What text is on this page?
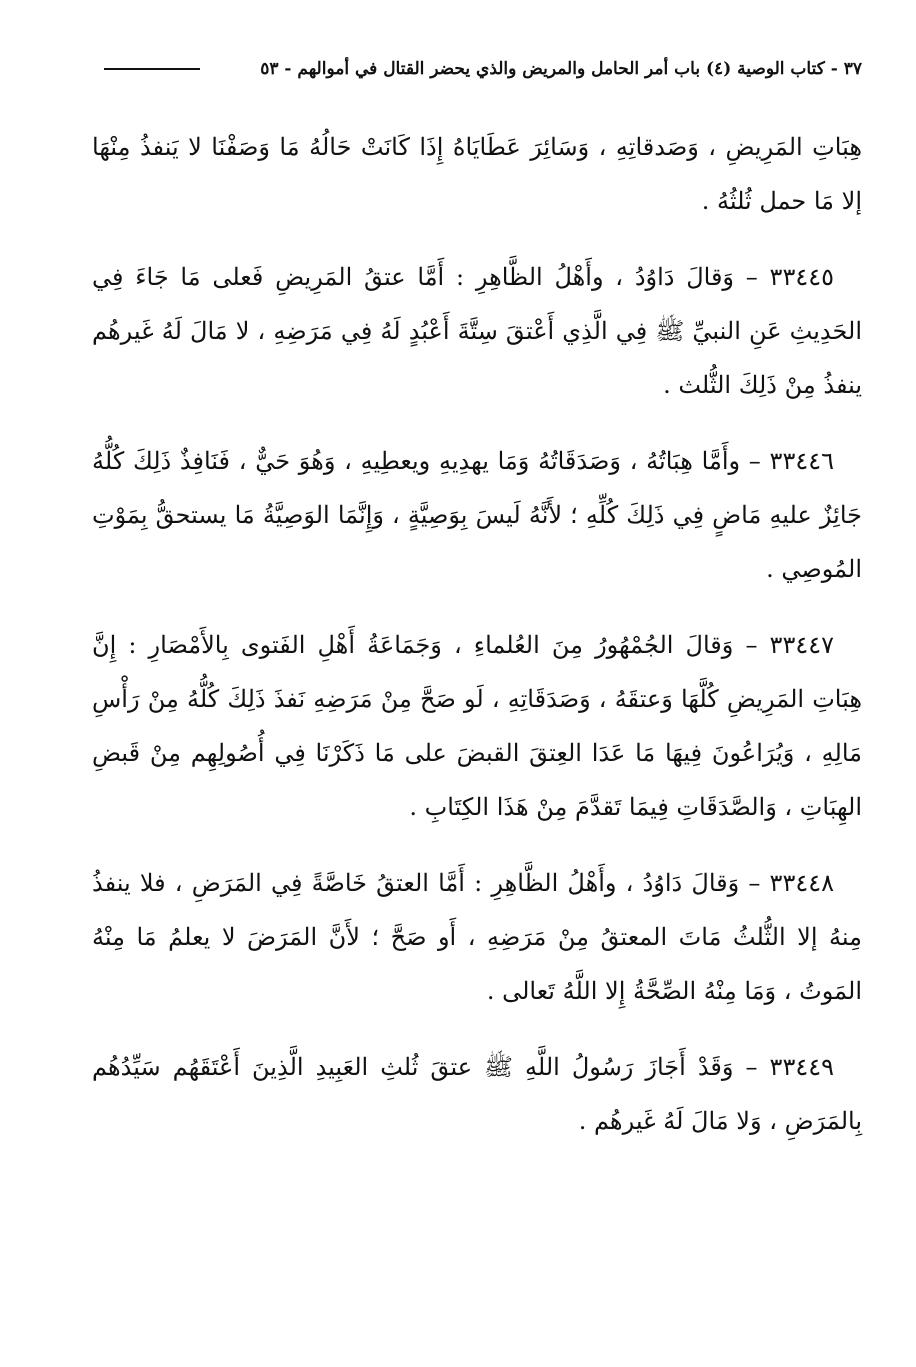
٣٧ - كتاب الوصية (٤) باب أمر الحامل والمريض والذي يحضر القتال في أموالهم - ٥٣

هِبَاتِ المَرِيضِ ، وَصَدقاتِهِ ، وَسَائِرَ عَطَايَاهُ إِذَا كَانَتْ حَالُهُ مَا وَصَفْنَا لا يَنفذُ مِنْهَا إلا مَا حمل ثُلثُهُ .

٣٣٤٤٥ – وَقالَ دَاوُدُ ، وأَهْلُ الظَّاهِرِ : أَمَّا عتقُ المَرِيضِ فَعلى مَا جَاءَ فِي الحَدِيثِ عَنِ النبيِّ ﷺ فِي الَّذِي أَعْتقَ سِتَّةَ أَعْبُدٍ لَهُ فِي مَرَضِهِ ، لا مَالَ لَهُ غَيرهُم ينفذُ مِنْ ذَلِكَ الثُّلث .

٣٣٤٤٦ – وأَمَّا هِبَاتُهُ ، وَصَدَقَاتُهُ وَمَا يهدِيهِ ويعطِيهِ ، وَهُوَ حَيٌّ ، فَنَافِذٌ ذَلِكَ كُلُّهُ جَائِزٌ عليهِ مَاضٍ فِي ذَلِكَ كُلِّهِ ؛ لأَنَّهُ لَيسَ بِوَصِيَّةٍ ، وَإِنَّمَا الوَصِيَّةُ مَا يستحقُّ بِمَوْتِ المُوصِي .

٣٣٤٤٧ – وَقالَ الجُمْهُورُ مِنَ العُلماءِ ، وَجَمَاعَةُ أَهْلِ الفَتوى بِالأَمْصَارِ : إِنَّ هِبَاتِ المَرِيضِ كُلَّهَا وَعتقَهُ ، وَصَدَقَاتِهِ ، لَو صَحَّ مِنْ مَرَضِهِ نَفذَ ذَلِكَ كُلُّهُ مِنْ رَأْسِ مَالِهِ ، وَيُرَاعُونَ فِيهَا مَا عَدَا العِتقَ القبضَ على مَا ذَكَرْنَا فِي أُصُولِهِم مِنْ قَبضِ الهِبَاتِ ، وَالصَّدَقَاتِ فِيمَا تَقدَّمَ مِنْ هَذَا الكِتَابِ .

٣٣٤٤٨ – وَقالَ دَاوُدُ ، وأَهْلُ الظَّاهِرِ : أَمَّا العتقُ خَاصَّةً فِي المَرَضِ ، فلا ينفذُ مِنهُ إلا الثُّلثُ مَاتَ المعتقُ مِنْ مَرَضِهِ ، أَو صَحَّ ؛ لأَنَّ المَرَضَ لا يعلمُ مَا مِنْهُ المَوتُ ، وَمَا مِنْهُ الصِّحَّةُ إِلا اللَّهُ تَعالى .

٣٣٤٤٩ – وَقَدْ أَجَازَ رَسُولُ اللَّهِ ﷺ عتقَ ثُلثِ العَبِيدِ الَّذِينَ أَعْتَقَهُم سَيِّدُهُم بِالمَرَضِ ، وَلا مَالَ لَهُ غَيرهُم .
